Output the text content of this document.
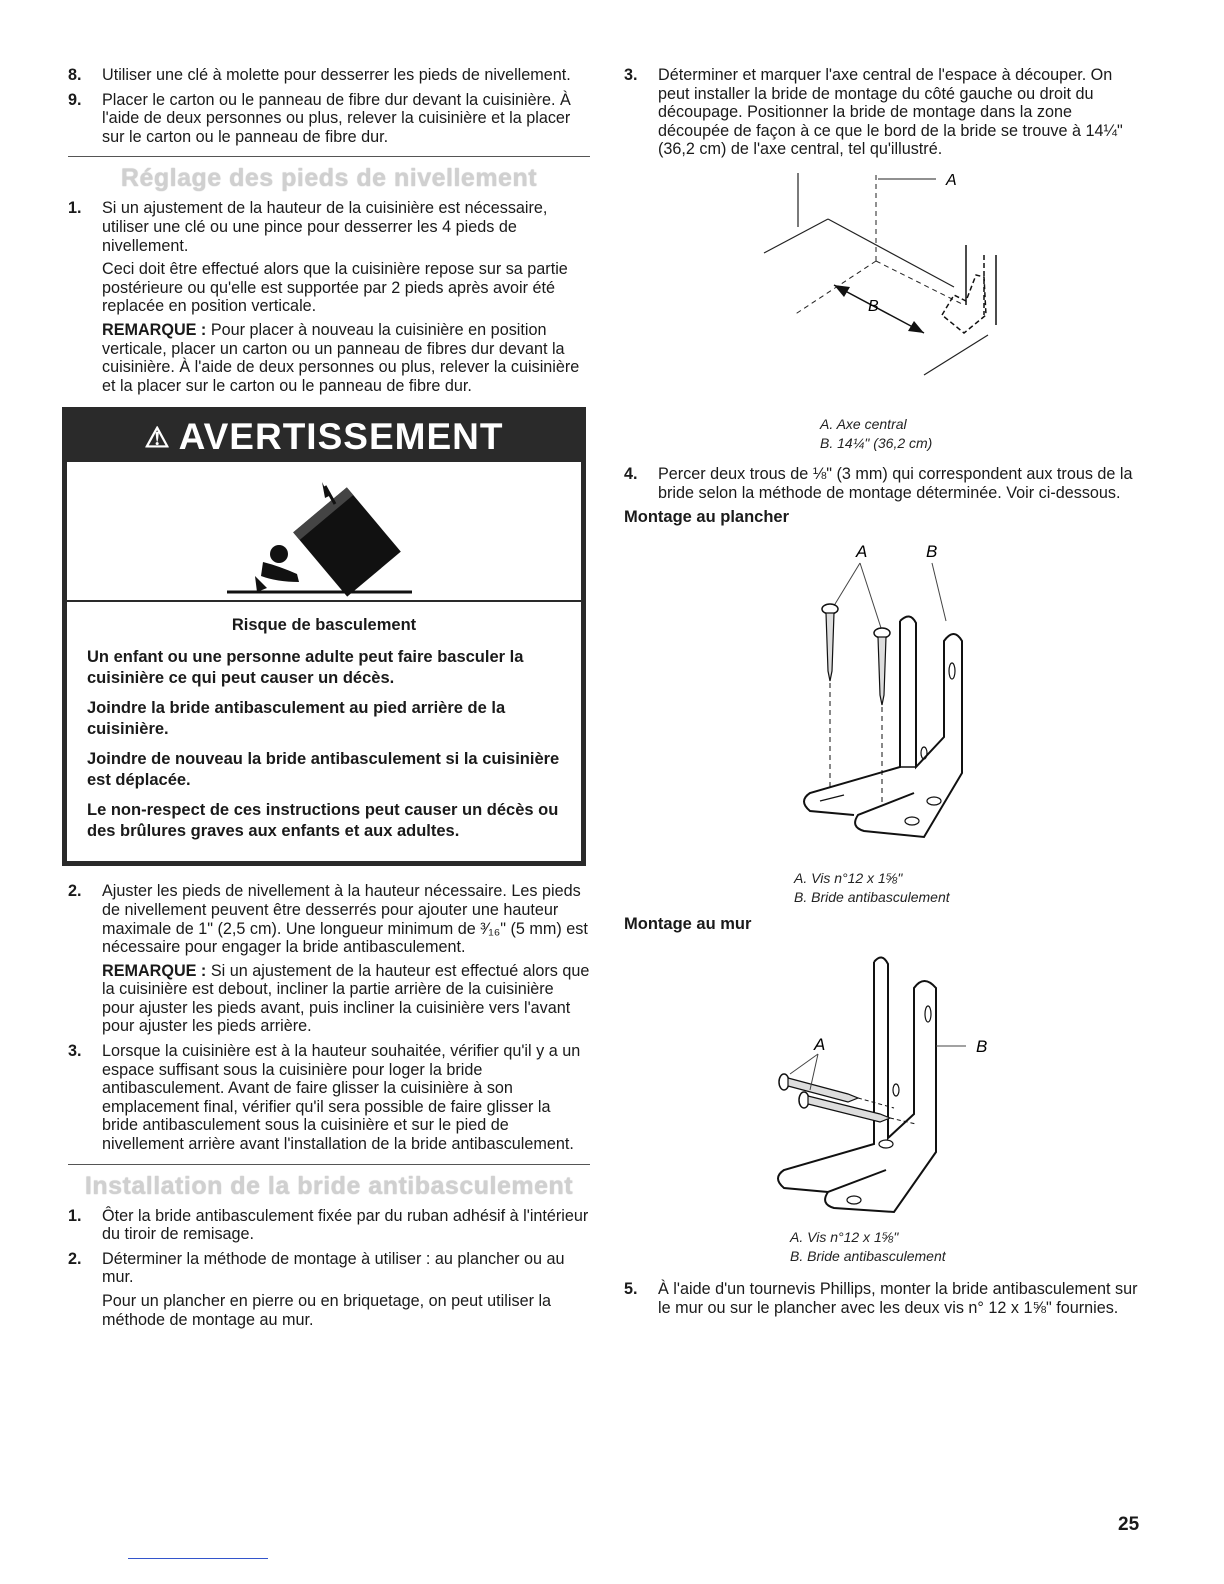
8. Utiliser une clé à molette pour desserrer les pieds de nivellement.

9. Placer le carton ou le panneau de fibre dur devant la cuisinière. À l'aide de deux personnes ou plus, relever la cuisinière et la placer sur le carton ou le panneau de fibre dur.

Réglage des pieds de nivellement
1. Si un ajustement de la hauteur de la cuisinière est nécessaire, utiliser une clé ou une pince pour desserrer les 4 pieds de nivellement.

Ceci doit être effectué alors que la cuisinière repose sur sa partie postérieure ou qu'elle est supportée par 2 pieds après avoir été replacée en position verticale.

REMARQUE : Pour placer à nouveau la cuisinière en position verticale, placer un carton ou un panneau de fibres dur devant la cuisinière. À l'aide de deux personnes ou plus, relever la cuisinière et la placer sur le carton ou le panneau de fibre dur.

⚠ AVERTISSEMENT
Risque de basculement

Un enfant ou une personne adulte peut faire basculer la cuisinière ce qui peut causer un décès.

Joindre la bride antibasculement au pied arrière de la cuisinière.

Joindre de nouveau la bride antibasculement si la cuisinière est déplacée.

Le non-respect de ces instructions peut causer un décès ou des brûlures graves aux enfants et aux adultes.

2. Ajuster les pieds de nivellement à la hauteur nécessaire. Les pieds de nivellement peuvent être desserrés pour ajouter une hauteur maximale de 1" (2,5 cm). Une longueur minimum de ³⁄₁₆" (5 mm) est nécessaire pour engager la bride antibasculement.

REMARQUE : Si un ajustement de la hauteur est effectué alors que la cuisinière est debout, incliner la partie arrière de la cuisinière pour ajuster les pieds avant, puis incliner la cuisinière vers l'avant pour ajuster les pieds arrière.

3. Lorsque la cuisinière est à la hauteur souhaitée, vérifier qu'il y a un espace suffisant sous la cuisinière pour loger la bride antibasculement. Avant de faire glisser la cuisinière à son emplacement final, vérifier qu'il sera possible de faire glisser la bride antibasculement sous la cuisinière et sur le pied de nivellement arrière avant l'installation de la bride antibasculement.

Installation de la bride antibasculement
1. Ôter la bride antibasculement fixée par du ruban adhésif à l'intérieur du tiroir de remisage.

2. Déterminer la méthode de montage à utiliser : au plancher ou au mur.

Pour un plancher en pierre ou en briquetage, on peut utiliser la méthode de montage au mur.

3. Déterminer et marquer l'axe central de l'espace à découper. On peut installer la bride de montage du côté gauche ou droit du découpage. Positionner la bride de montage dans la zone découpée de façon à ce que le bord de la bride se trouve à 14¼" (36,2 cm) de l'axe central, tel qu'illustré.

A
B
A. Axe central
B. 14¼" (36,2 cm)
4. Percer deux trous de ⅛" (3 mm) qui correspondent aux trous de la bride selon la méthode de montage déterminée. Voir ci-dessous.

Montage au plancher
A	B
A. Vis n°12 x 1⅝"
B. Bride antibasculement
Montage au mur
A	B
A. Vis n°12 x 1⅝"
B. Bride antibasculement
5. À l'aide d'un tournevis Phillips, monter la bride antibasculement sur le mur ou sur le plancher avec les deux vis n° 12 x 1⅝" fournies.

25
